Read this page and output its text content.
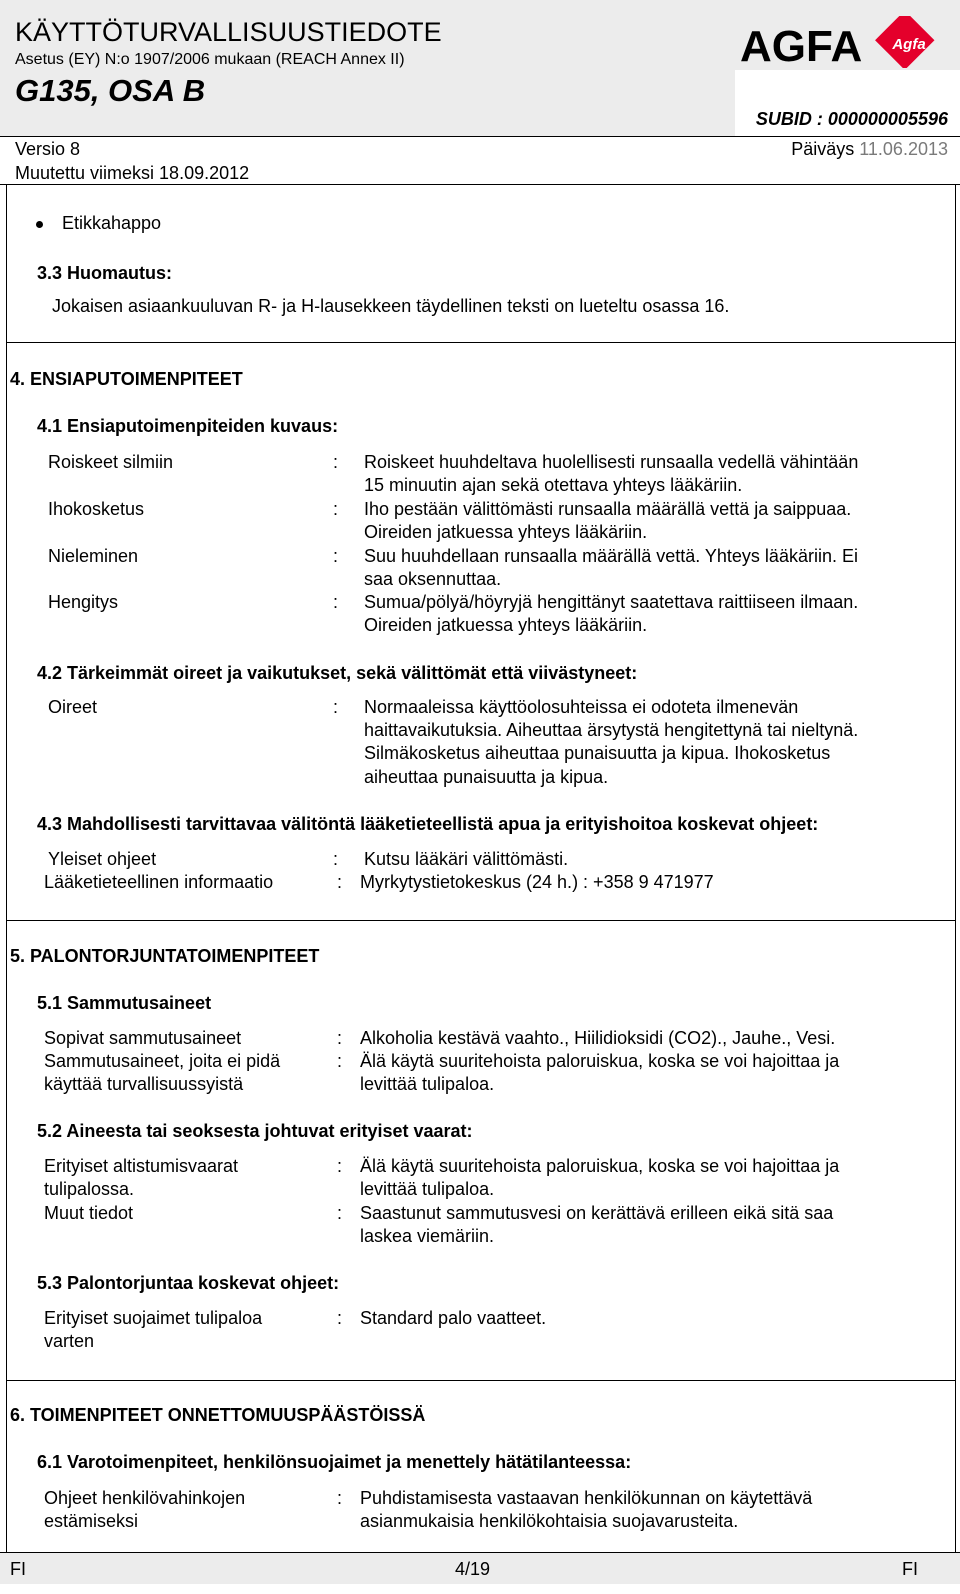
KÄYTTÖTURVALLISUUSTIEDOTE
Asetus (EY) N:o 1907/2006 mukaan (REACH Annex II)
G135, OSA B
SUBID : 000000005596
AGFA Agfa
Versio 8
Muutettu viimeksi 18.09.2012
Päiväys 11.06.2013
Etikkahappo
3.3 Huomautus:
Jokaisen asiaankuuluvan R- ja H-lausekkeen täydellinen teksti on lueteltu osassa 16.
4. ENSIAPUTOIMENPITEET
4.1 Ensiaputoimenpiteiden kuvaus:
Roiskeet silmiin	: Roiskeet huuhdeltava huolellisesti runsaalla vedellä vähintään
15 minuutin ajan sekä otettava yhteys lääkäriin.
Ihokosketus	: Iho pestään välittömästi runsaalla määrällä vettä ja saippuaa.
Oireiden jatkuessa yhteys lääkäriin.
Nieleminen	: Suu huuhdellaan runsaalla määrällä vettä. Yhteys lääkäriin. Ei
saa oksennuttaa.
Hengitys	: Sumua/pölyä/höyryjä hengittänyt saatettava raittiiseen ilmaan.
Oireiden jatkuessa yhteys lääkäriin.
4.2 Tärkeimmät oireet ja vaikutukset, sekä välittömät että viivästyneet:
Oireet	: Normaaleissa käyttöolosuhteissa ei odoteta ilmenevän
haittavaikutuksia. Aiheuttaa ärsytystä hengitettynä tai nieltynä.
Silmäkosketus aiheuttaa punaisuutta ja kipua. Ihokosketus
aiheuttaa punaisuutta ja kipua.
4.3 Mahdollisesti tarvittavaa välitöntä lääketieteellistä apua ja erityishoitoa koskevat ohjeet:
Yleiset ohjeet	: Kutsu lääkäri välittömästi.
Lääketieteellinen informaatio	: Myrkytystietokeskus (24 h.) : +358 9 471977
5. PALONTORJUNTATOIMENPITEET
5.1 Sammutusaineet
Sopivat sammutusaineet	: Alkoholia kestävä vaahto., Hiilidioksidi (CO2)., Jauhe., Vesi.
Sammutusaineet, joita ei pidä
käyttää turvallisuussyistä
: Älä käytä suuritehoista paloruiskua, koska se voi hajoittaa ja
levittää tulipaloa.
5.2 Aineesta tai seoksesta johtuvat erityiset vaarat:
Erityiset altistumisvaarat
tulipalossa.
: Älä käytä suuritehoista paloruiskua, koska se voi hajoittaa ja
levittää tulipaloa.
Muut tiedot	: Saastunut sammutusvesi on kerättävä erilleen eikä sitä saa
laskea viemäriin.
5.3 Palontorjuntaa koskevat ohjeet:
Erityiset suojaimet tulipaloa
varten
: Standard palo vaatteet.
6. TOIMENPITEET ONNETTOMUUSPÄÄSTÖISSÄ
6.1 Varotoimenpiteet, henkilönsuojaimet ja menettely hätätilanteessa:
Ohjeet henkilövahinkojen
estämiseksi
: Puhdistamisesta vastaavan henkilökunnan on käytettävä
asianmukaisia henkilökohtaisia suojavarusteita.
FI	4/19	FI
